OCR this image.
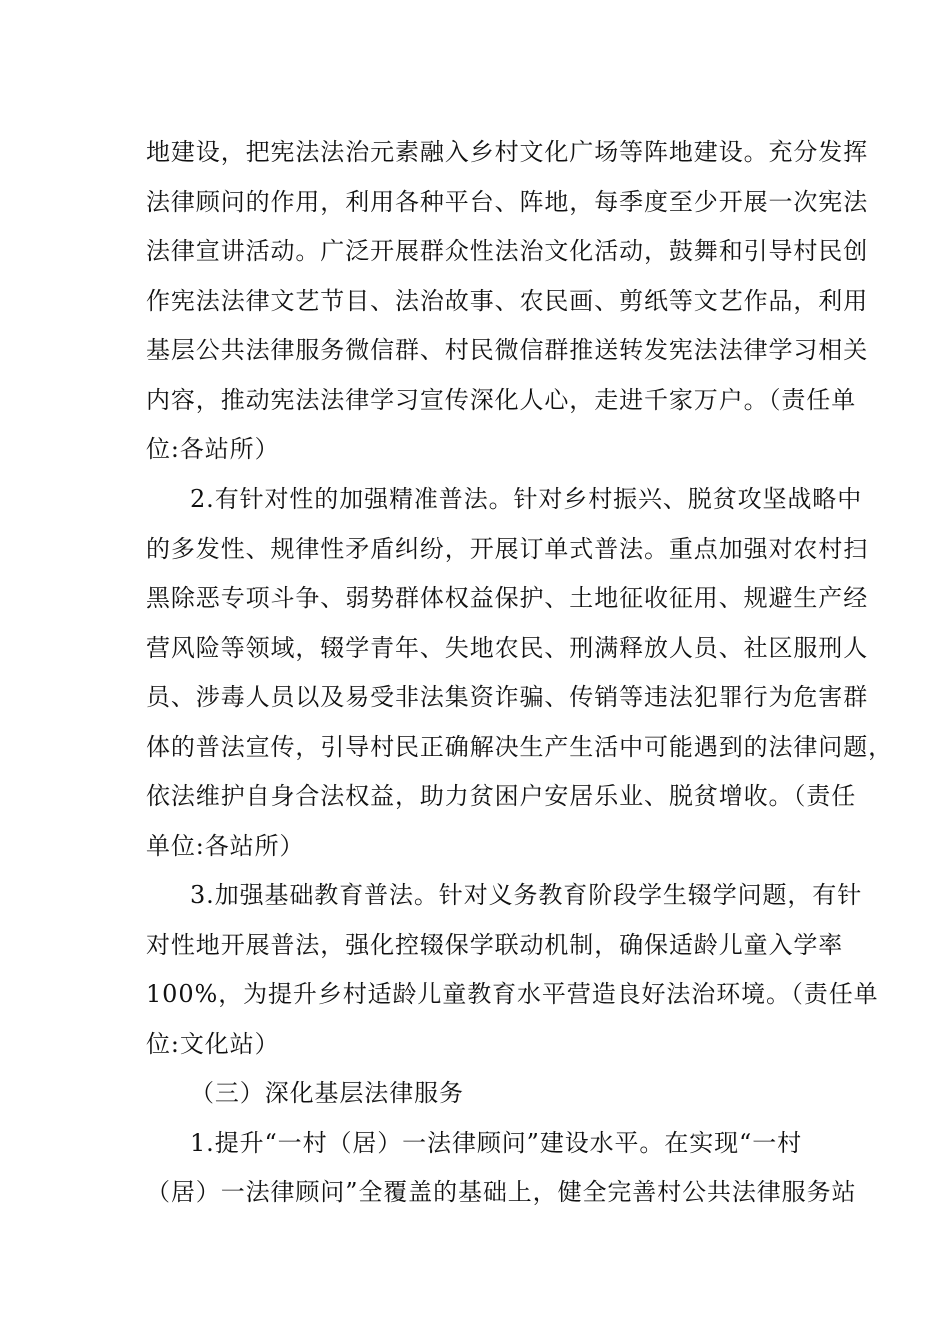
地建设，把宪法法治元素融入乡村文化广场等阵地建设。充分发挥
法律顾问的作用，利用各种平台、阵地，每季度至少开展一次宪法
法律宣讲活动。广泛开展群众性法治文化活动，鼓舞和引导村民创
作宪法法律文艺节目、法治故事、农民画、剪纸等文艺作品，利用
基层公共法律服务微信群、村民微信群推送转发宪法法律学习相关
内容，推动宪法法律学习宣传深化人心，走进千家万户。（责任单
位:各站所）
2.有针对性的加强精准普法。针对乡村振兴、脱贫攻坚战略中
的多发性、规律性矛盾纠纷，开展订单式普法。重点加强对农村扫
黑除恶专项斗争、弱势群体权益保护、土地征收征用、规避生产经
营风险等领域，辍学青年、失地农民、刑满释放人员、社区服刑人
员、涉毒人员以及易受非法集资诈骗、传销等违法犯罪行为危害群
体的普法宣传，引导村民正确解决生产生活中可能遇到的法律问题，
依法维护自身合法权益，助力贫困户安居乐业、脱贫增收。（责任
单位:各站所）
3.加强基础教育普法。针对义务教育阶段学生辍学问题，有针
对性地开展普法，强化控辍保学联动机制，确保适龄儿童入学率
100%，为提升乡村适龄儿童教育水平营造良好法治环境。（责任单
位:文化站）
（三）深化基层法律服务
1.提升“一村（居）一法律顾问”建设水平。在实现“一村
（居）一法律顾问”全覆盖的基础上，健全完善村公共法律服务站
